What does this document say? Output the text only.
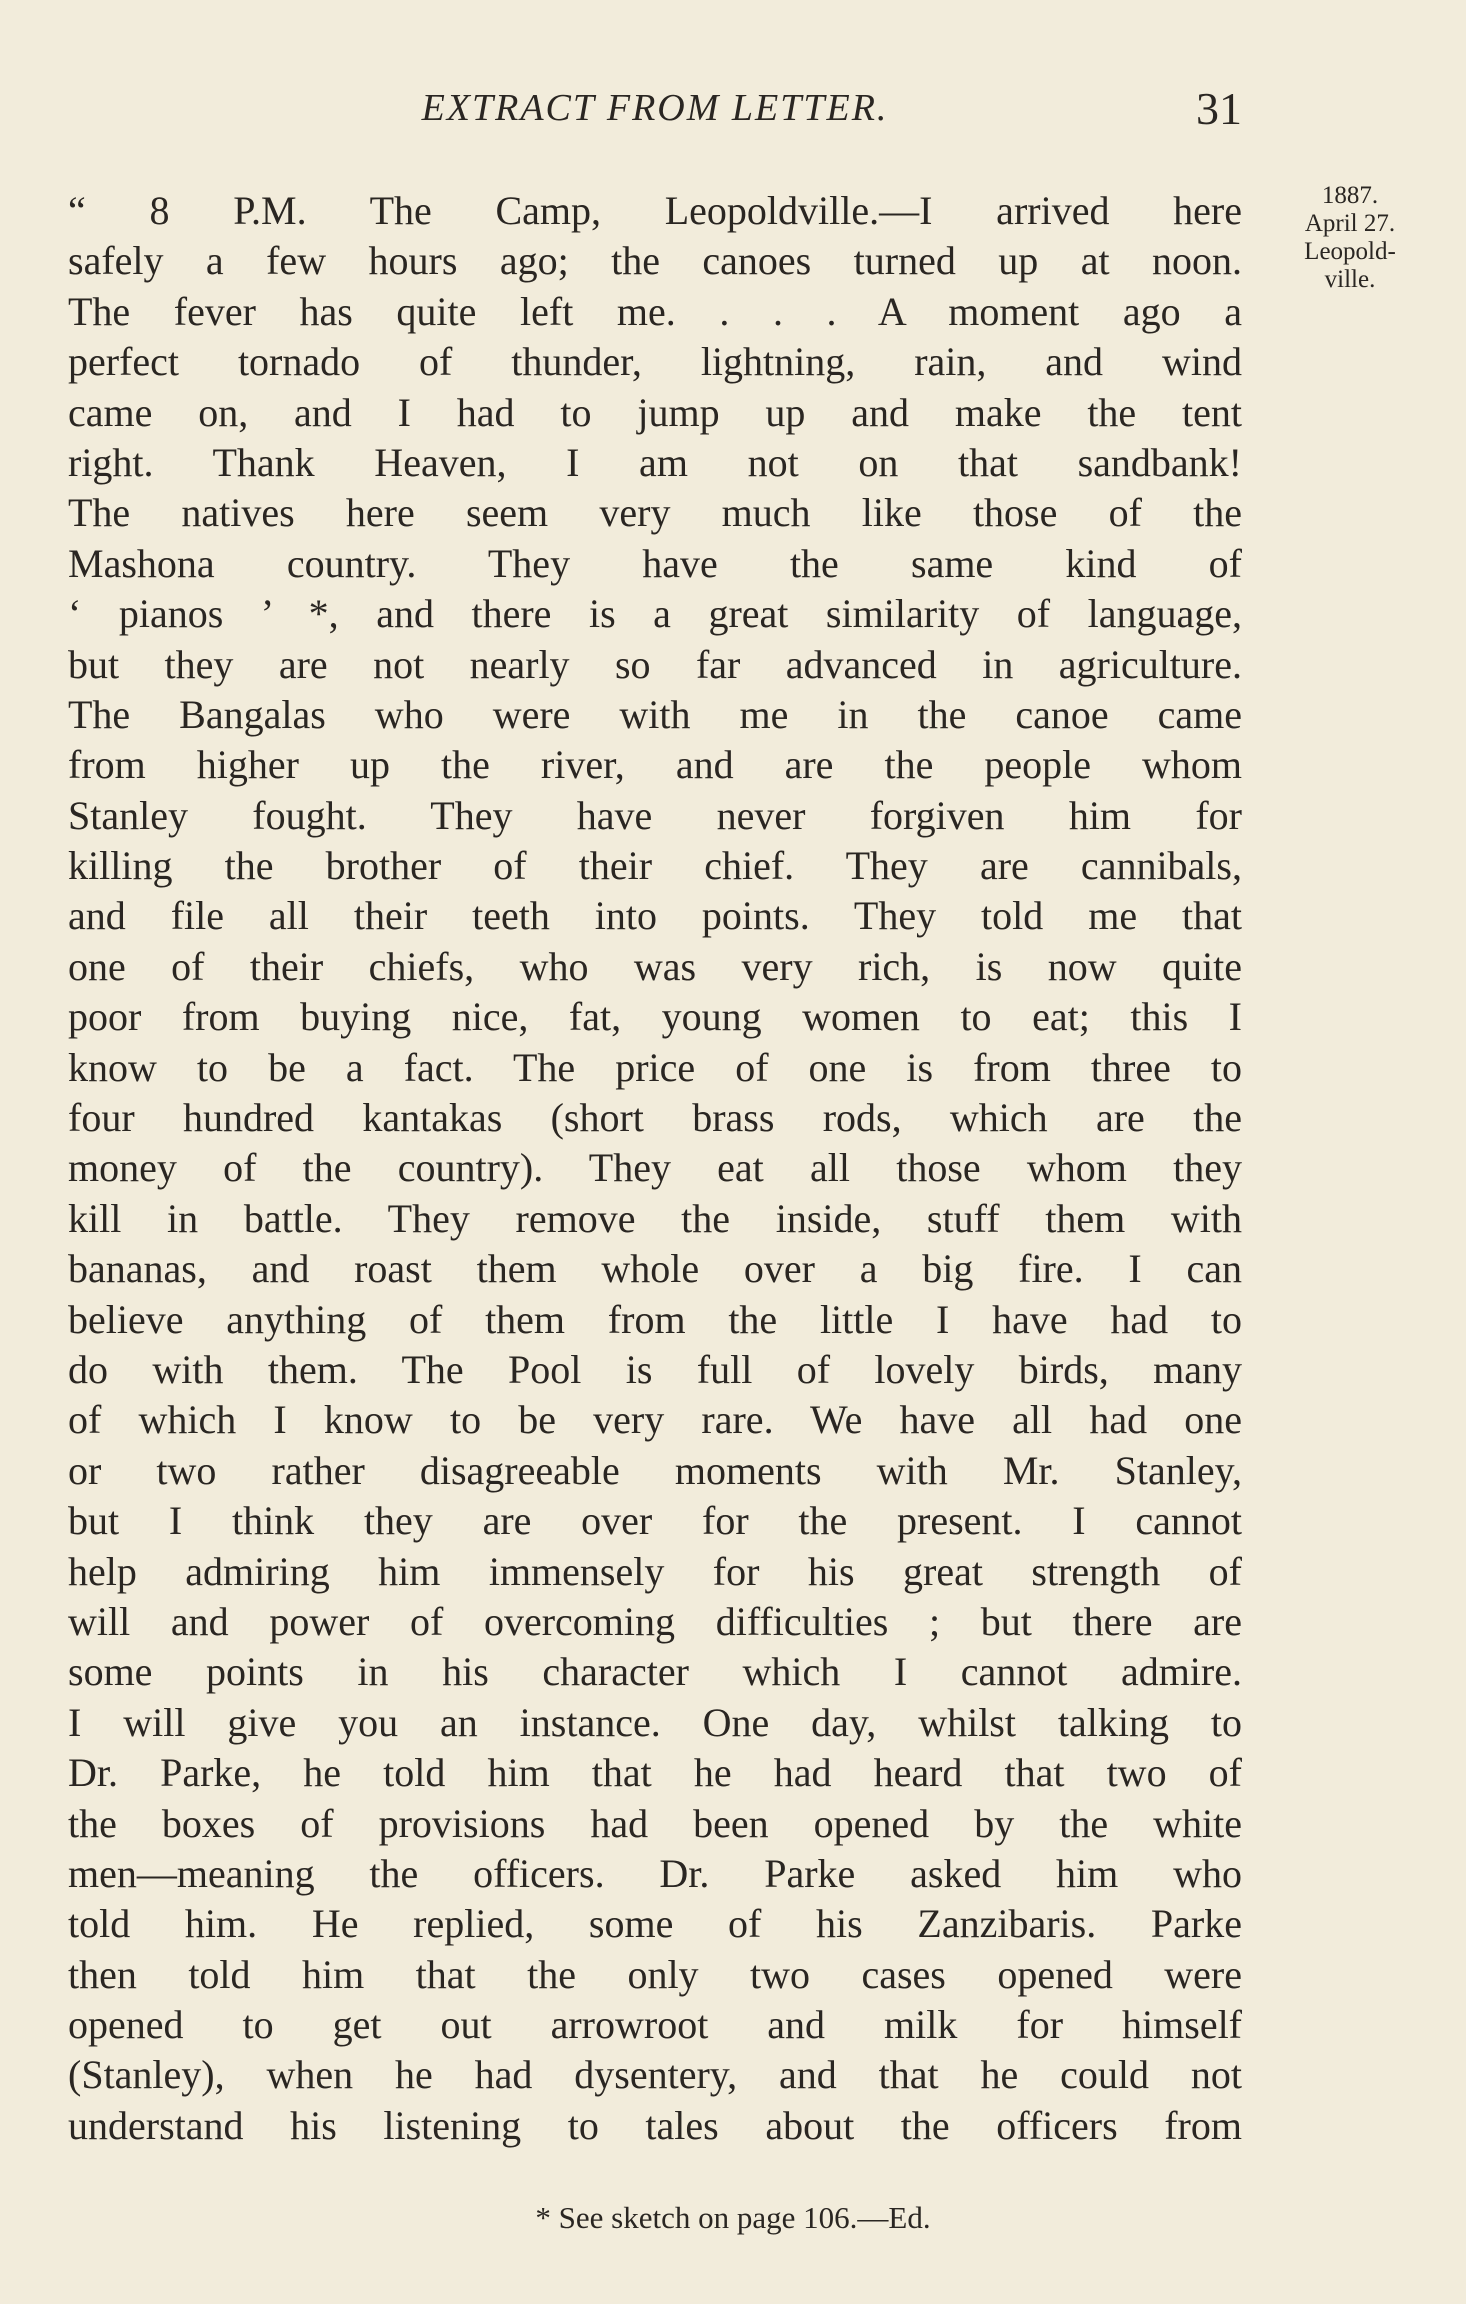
EXTRACT FROM LETTER.	31
1887.
April 27.
Leopold-
ville.
“ 8 P.M. The Camp, Leopoldville.—I arrived here
safely a few hours ago; the canoes turned up at noon.
The fever has quite left me. . . . A moment ago a
perfect tornado of thunder, lightning, rain, and wind
came on, and I had to jump up and make the tent
right. Thank Heaven, I am not on that sandbank!
The natives here seem very much like those of the
Mashona country. They have the same kind of
‘ pianos ’ *, and there is a great similarity of language,
but they are not nearly so far advanced in agriculture.
The Bangalas who were with me in the canoe came
from higher up the river, and are the people whom
Stanley fought. They have never forgiven him for
killing the brother of their chief. They are cannibals,
and file all their teeth into points. They told me that
one of their chiefs, who was very rich, is now quite
poor from buying nice, fat, young women to eat; this I
know to be a fact. The price of one is from three to
four hundred kantakas (short brass rods, which are the
money of the country). They eat all those whom they
kill in battle. They remove the inside, stuff them with
bananas, and roast them whole over a big fire. I can
believe anything of them from the little I have had to
do with them. The Pool is full of lovely birds, many
of which I know to be very rare. We have all had one
or two rather disagreeable moments with Mr. Stanley,
but I think they are over for the present. I cannot
help admiring him immensely for his great strength of
will and power of overcoming difficulties ; but there are
some points in his character which I cannot admire.
I will give you an instance. One day, whilst talking to
Dr. Parke, he told him that he had heard that two of
the boxes of provisions had been opened by the white
men—meaning the officers. Dr. Parke asked him who
told him. He replied, some of his Zanzibaris. Parke
then told him that the only two cases opened were
opened to get out arrowroot and milk for himself
(Stanley), when he had dysentery, and that he could not
understand his listening to tales about the officers from
* See sketch on page 106.—Ed.
